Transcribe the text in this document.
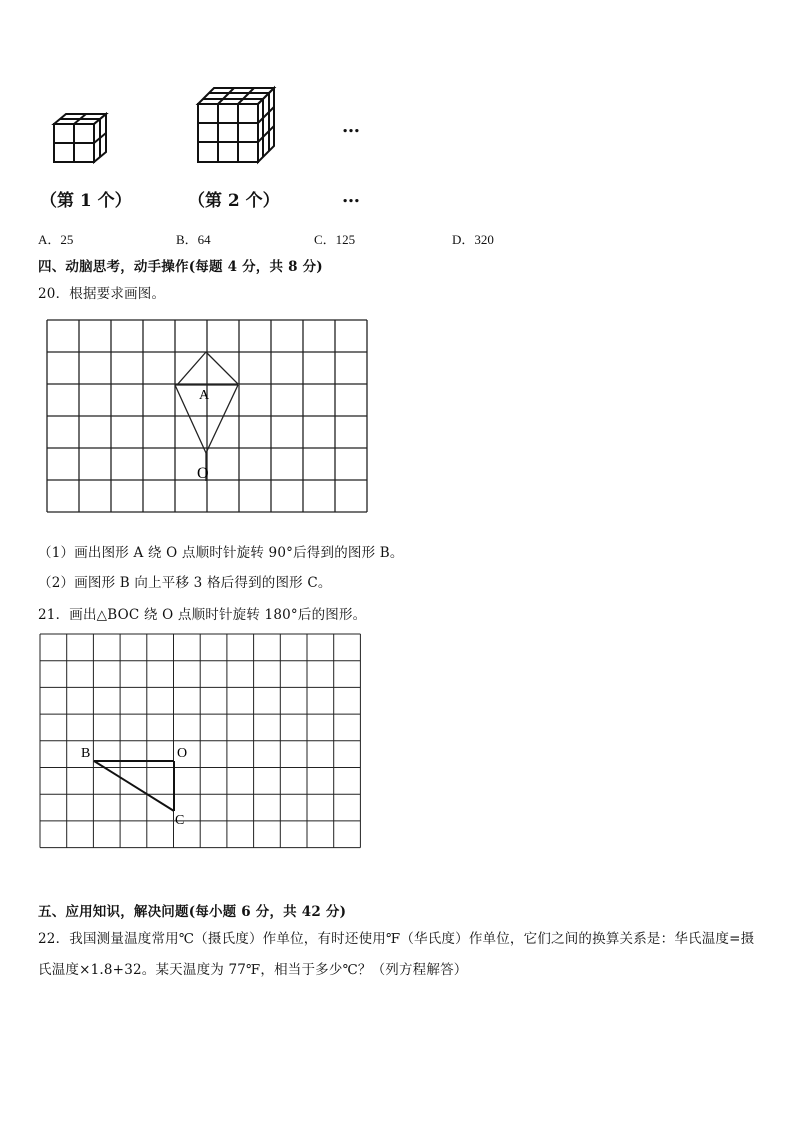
…
（第 1 个）	（第 2 个）	…
A．25	B．64	C．125	D．320
四、动脑思考，动手操作(每题 4 分，共 8 分)
20．根据要求画图。
A
O
（1）画出图形 A 绕 O 点顺时针旋转 90°后得到的图形 B。
（2）画图形 B 向上平移 3 格后得到的图形 C。
21．画出△BOC 绕 O 点顺时针旋转 180°后的图形。
B	O
C
五、应用知识，解决问题(每小题 6 分，共 42 分)
22．我国测量温度常用℃（摄氏度）作单位，有时还使用℉（华氏度）作单位，它们之间的换算关系是：华氏温度=摄
氏温度×1.8+32。某天温度为 77℉，相当于多少℃？（列方程解答）
